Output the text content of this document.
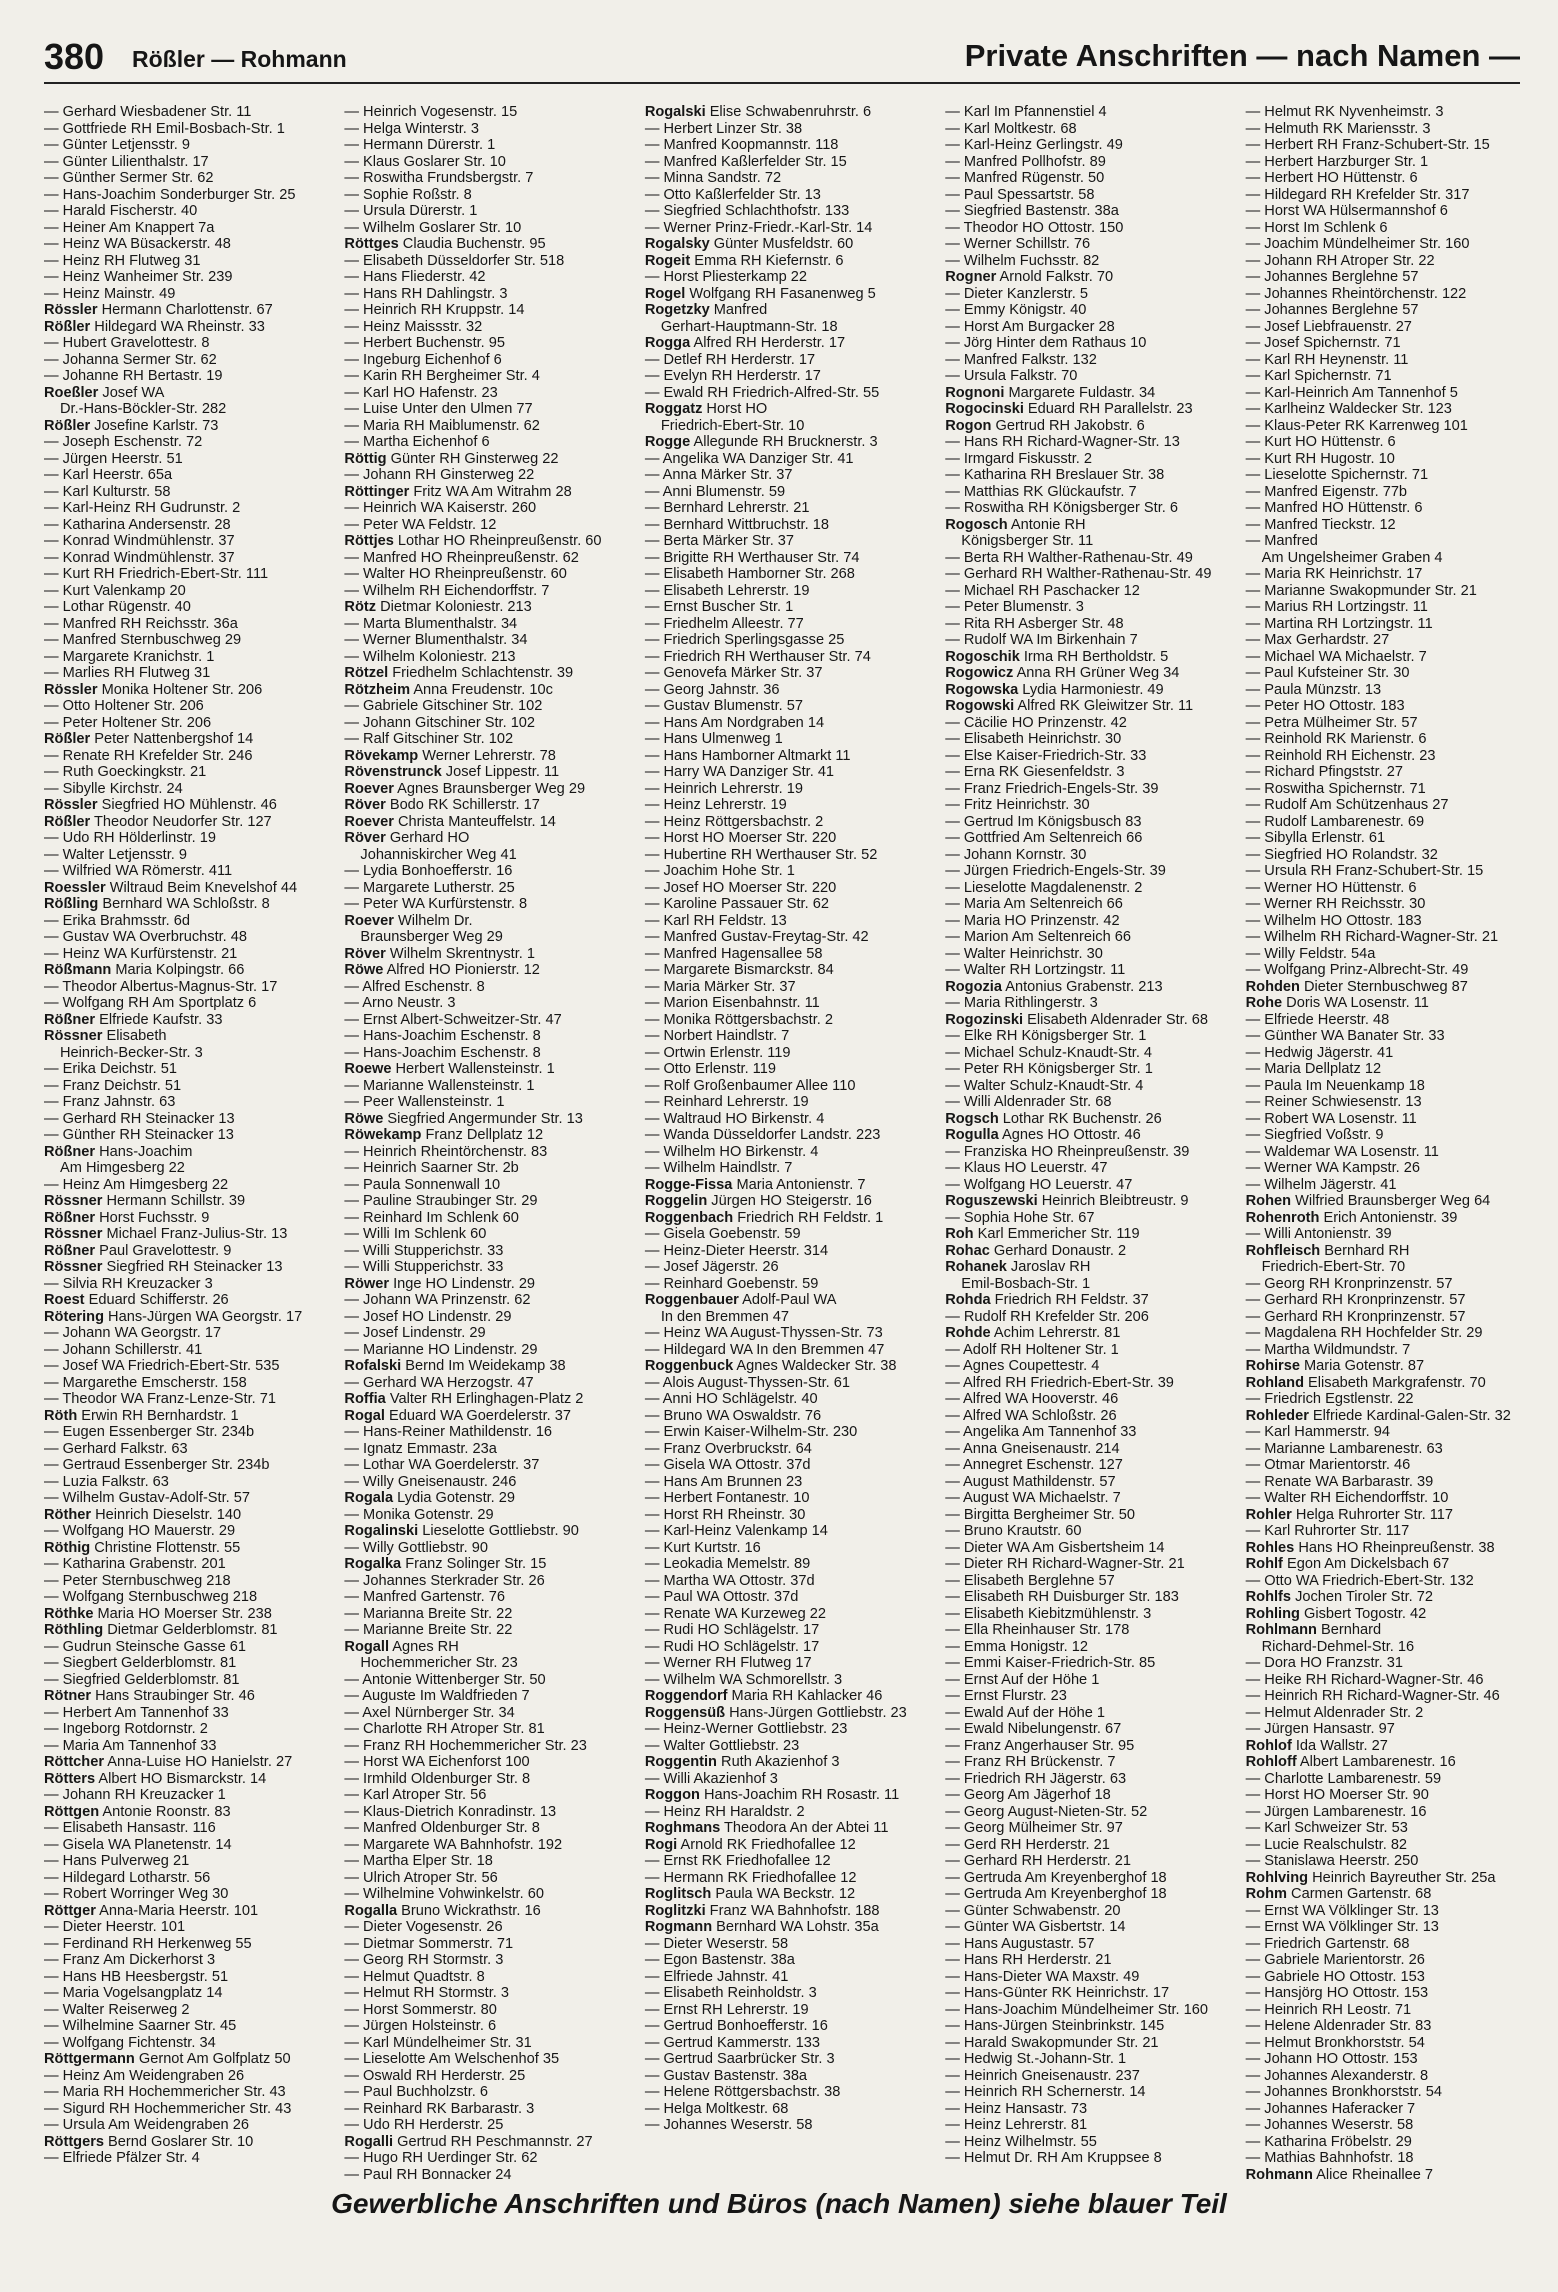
380 Rößler — Rohmann	Private Anschriften — nach Namen —
— Gerhard Wiesbadener Str. 11
— Gottfriede RH Emil-Bosbach-Str. 1
— Günter Letjensstr. 9
— Günter Lilienthalstr. 17
— Günther Sermer Str. 62
— Hans-Joachim Sonderburger Str. 25
— Harald Fischerstr. 40
— Heiner Am Knappert 7a
— Heinz WA Büsackerstr. 48
— Heinz RH Flutweg 31
— Heinz Wanheimer Str. 239
— Heinz Mainstr. 49
Rössler Hermann Charlottenstr. 67
Rößler Hildegard WA Rheinstr. 33
— Hubert Gravelottestr. 8
— Johanna Sermer Str. 62
— Johanne RH Bertastr. 19
Roeßler Josef WA
Dr.-Hans-Böckler-Str. 282
Rößler Josefine Karlstr. 73
— Joseph Eschenstr. 72
— Jürgen Heerstr. 51
— Karl Heerstr. 65a
— Karl Kulturstr. 58
— Karl-Heinz RH Gudrunstr. 2
— Katharina Andersenstr. 28
— Konrad Windmühlenstr. 37
— Konrad Windmühlenstr. 37
— Kurt RH Friedrich-Ebert-Str. 111
— Kurt Valenkamp 20
— Lothar Rügenstr. 40
— Manfred RH Reichsstr. 36a
— Manfred Sternbuschweg 29
— Margarete Kranichstr. 1
— Marlies RH Flutweg 31
Rössler Monika Holtener Str. 206
— Otto Holtener Str. 206
— Peter Holtener Str. 206
Rößler Peter Nattenbergshof 14
— Renate RH Krefelder Str. 246
— Ruth Goeckingkstr. 21
— Sibylle Kirchstr. 24
Rössler Siegfried HO Mühlenstr. 46
Rößler Theodor Neudorfer Str. 127
— Udo RH Hölderlinstr. 19
— Walter Letjensstr. 9
— Wilfried WA Römerstr. 411
Roessler Wiltraud Beim Knevelshof 44
Rößling Bernhard WA Schloßstr. 8
— Erika Brahmsstr. 6d
— Gustav WA Overbruchstr. 48
— Heinz WA Kurfürstenstr. 21
Rößmann Maria Kolpingstr. 66
— Theodor Albertus-Magnus-Str. 17
— Wolfgang RH Am Sportplatz 6
Rößner Elfriede Kaufstr. 33
Rössner Elisabeth
Heinrich-Becker-Str. 3
— Erika Deichstr. 51
— Franz Deichstr. 51
— Franz Jahnstr. 63
— Gerhard RH Steinacker 13
— Günther RH Steinacker 13
Rößner Hans-Joachim
Am Himgesberg 22
— Heinz Am Himgesberg 22
Rössner Hermann Schillstr. 39
Rößner Horst Fuchsstr. 9
Rössner Michael Franz-Julius-Str. 13
Rößner Paul Gravelottestr. 9
Rössner Siegfried RH Steinacker 13
— Silvia RH Kreuzacker 3
Roest Eduard Schifferstr. 26
Rötering Hans-Jürgen WA Georgstr. 17
— Johann WA Georgstr. 17
— Johann Schillerstr. 41
— Josef WA Friedrich-Ebert-Str. 535
— Margarethe Emscherstr. 158
— Theodor WA Franz-Lenze-Str. 71
Röth Erwin RH Bernhardstr. 1
— Eugen Essenberger Str. 234b
— Gerhard Falkstr. 63
— Gertraud Essenberger Str. 234b
— Luzia Falkstr. 63
— Wilhelm Gustav-Adolf-Str. 57
Röther Heinrich Dieselstr. 140
— Wolfgang HO Mauerstr. 29
Röthig Christine Flottenstr. 55
— Katharina Grabenstr. 201
— Peter Sternbuschweg 218
— Wolfgang Sternbuschweg 218
Röthke Maria HO Moerser Str. 238
Röthling Dietmar Gelderblomstr. 81
— Gudrun Steinsche Gasse 61
— Siegbert Gelderblomstr. 81
— Siegfried Gelderblomstr. 81
Rötner Hans Straubinger Str. 46
— Herbert Am Tannenhof 33
— Ingeborg Rotdornstr. 2
— Maria Am Tannenhof 33
Röttcher Anna-Luise HO Hanielstr. 27
Rötters Albert HO Bismarckstr. 14
— Johann RH Kreuzacker 1
Röttgen Antonie Roonstr. 83
— Elisabeth Hansastr. 116
— Gisela WA Planetenstr. 14
— Hans Pulverweg 21
— Hildegard Lotharstr. 56
— Robert Worringer Weg 30
Röttger Anna-Maria Heerstr. 101
— Dieter Heerstr. 101
— Ferdinand RH Herkenweg 55
— Franz Am Dickerhorst 3
— Hans HB Heesbergstr. 51
— Maria Vogelsangplatz 14
— Walter Reiserweg 2
— Wilhelmine Saarner Str. 45
— Wolfgang Fichtenstr. 34
Röttgermann Gernot Am Golfplatz 50
— Heinz Am Weidengraben 26
— Maria RH Hochemmericher Str. 43
— Sigurd RH Hochemmericher Str. 43
— Ursula Am Weidengraben 26
Röttgers Bernd Goslarer Str. 10
— Elfriede Pfälzer Str. 4
— Heinrich Vogesenstr. 15
— Helga Winterstr. 3
— Hermann Dürerstr. 1
— Klaus Goslarer Str. 10
— Roswitha Frundsbergstr. 7
— Sophie Roßstr. 8
— Ursula Dürerstr. 1
— Wilhelm Goslarer Str. 10
Röttges Claudia Buchenstr. 95
— Elisabeth Düsseldorfer Str. 518
— Hans Fliederstr. 42
— Hans RH Dahlingstr. 3
— Heinrich RH Kruppstr. 14
— Heinz Maissstr. 32
— Herbert Buchenstr. 95
— Ingeburg Eichenhof 6
— Karin RH Bergheimer Str. 4
— Karl HO Hafenstr. 23
— Luise Unter den Ulmen 77
— Maria RH Maiblumenstr. 62
— Martha Eichenhof 6
Röttig Günter RH Ginsterweg 22
— Johann RH Ginsterweg 22
Röttinger Fritz WA Am Witrahm 28
— Heinrich WA Kaiserstr. 260
— Peter WA Feldstr. 12
Röttjes Lothar HO Rheinpreußenstr. 60
— Manfred HO Rheinpreußenstr. 62
— Walter HO Rheinpreußenstr. 60
— Wilhelm RH Eichendorffstr. 7
Rötz Dietmar Koloniestr. 213
— Marta Blumenthalstr. 34
— Werner Blumenthalstr. 34
— Wilhelm Koloniestr. 213
Rötzel Friedhelm Schlachtenstr. 39
Rötzheim Anna Freudenstr. 10c
— Gabriele Gitschiner Str. 102
— Johann Gitschiner Str. 102
— Ralf Gitschiner Str. 102
Rövekamp Werner Lehrerstr. 78
Rövenstrunck Josef Lippestr. 11
Roever Agnes Braunsberger Weg 29
Röver Bodo RK Schillerstr. 17
Roever Christa Manteuffelstr. 14
Röver Gerhard HO
Johanniskircher Weg 41
— Lydia Bonhoefferstr. 16
— Margarete Lutherstr. 25
— Peter WA Kurfürstenstr. 8
Roever Wilhelm Dr.
Braunsberger Weg 29
Röver Wilhelm Skrentnystr. 1
Röwe Alfred HO Pionierstr. 12
— Alfred Eschenstr. 8
— Arno Neustr. 3
— Ernst Albert-Schweitzer-Str. 47
— Hans-Joachim Eschenstr. 8
— Hans-Joachim Eschenstr. 8
Roewe Herbert Wallensteinstr. 1
— Marianne Wallensteinstr. 1
— Peer Wallensteinstr. 1
Röwe Siegfried Angermunder Str. 13
Röwekamp Franz Dellplatz 12
— Heinrich Rheintörchenstr. 83
— Heinrich Saarner Str. 2b
— Paula Sonnenwall 10
— Pauline Straubinger Str. 29
— Reinhard Im Schlenk 60
— Willi Im Schlenk 60
— Willi Stupperichstr. 33
— Willi Stupperichstr. 33
Röwer Inge HO Lindenstr. 29
— Johann WA Prinzenstr. 62
— Josef HO Lindenstr. 29
— Josef Lindenstr. 29
— Marianne HO Lindenstr. 29
Rofalski Bernd Im Weidekamp 38
— Gerhard WA Herzogstr. 47
Roffia Valter RH Erlinghagen-Platz 2
Rogal Eduard WA Goerdelerstr. 37
— Hans-Reiner Mathildenstr. 16
— Ignatz Emmastr. 23a
— Lothar WA Goerdelerstr. 37
— Willy Gneisenaustr. 246
Rogala Lydia Gotenstr. 29
— Monika Gotenstr. 29
Rogalinski Lieselotte Gottliebstr. 90
— Willy Gottliebstr. 90
Rogalka Franz Solinger Str. 15
— Johannes Sterkrader Str. 26
— Manfred Gartenstr. 76
— Marianna Breite Str. 22
— Marianne Breite Str. 22
Rogall Agnes RH
Hochemmericher Str. 23
— Antonie Wittenberger Str. 50
— Auguste Im Waldfrieden 7
— Axel Nürnberger Str. 34
— Charlotte RH Atroper Str. 81
— Franz RH Hochemmericher Str. 23
— Horst WA Eichenforst 100
— Irmhild Oldenburger Str. 8
— Karl Atroper Str. 56
— Klaus-Dietrich Konradinstr. 13
— Manfred Oldenburger Str. 8
— Margarete WA Bahnhofstr. 192
— Martha Elper Str. 18
— Ulrich Atroper Str. 56
— Wilhelmine Vohwinkelstr. 60
Rogalla Bruno Wickrathstr. 16
— Dieter Vogesenstr. 26
— Dietmar Sommerstr. 71
— Georg RH Stormstr. 3
— Helmut Quadtstr. 8
— Helmut RH Stormstr. 3
— Horst Sommerstr. 80
— Jürgen Holsteinstr. 6
— Karl Mündelheimer Str. 31
— Lieselotte Am Welschenhof 35
— Oswald RH Herderstr. 25
— Paul Buchholzstr. 6
— Reinhard RK Barbarastr. 3
— Udo RH Herderstr. 25
Rogalli Gertrud RH Peschmannstr. 27
— Hugo RH Uerdinger Str. 62
— Paul RH Bonnacker 24
Rogalski Elise Schwabenruhrstr. 6
— Herbert Linzer Str. 38
— Manfred Koopmannstr. 118
— Manfred Kaßlerfelder Str. 15
— Minna Sandstr. 72
— Otto Kaßlerfelder Str. 13
— Siegfried Schlachthofstr. 133
— Werner Prinz-Friedr.-Karl-Str. 14
Rogalsky Günter Musfeldstr. 60
Rogeit Emma RH Kiefernstr. 6
— Horst Pliesterkamp 22
Rogel Wolfgang RH Fasanenweg 5
Rogetzky Manfred
Gerhart-Hauptmann-Str. 18
Rogga Alfred RH Herderstr. 17
— Detlef RH Herderstr. 17
— Evelyn RH Herderstr. 17
— Ewald RH Friedrich-Alfred-Str. 55
Roggatz Horst HO
Friedrich-Ebert-Str. 10
Rogge Allegunde RH Brucknerstr. 3
— Angelika WA Danziger Str. 41
— Anna Märker Str. 37
— Anni Blumenstr. 59
— Bernhard Lehrerstr. 21
— Bernhard Wittbruchstr. 18
— Berta Märker Str. 37
— Brigitte RH Werthauser Str. 74
— Elisabeth Hamborner Str. 268
— Elisabeth Lehrerstr. 19
— Ernst Buscher Str. 1
— Friedhelm Alleestr. 77
— Friedrich Sperlingsgasse 25
— Friedrich RH Werthauser Str. 74
— Genovefa Märker Str. 37
— Georg Jahnstr. 36
— Gustav Blumenstr. 57
— Hans Am Nordgraben 14
— Hans Ulmenweg 1
— Hans Hamborner Altmarkt 11
— Harry WA Danziger Str. 41
— Heinrich Lehrerstr. 19
— Heinz Lehrerstr. 19
— Heinz Röttgersbachstr. 2
— Horst HO Moerser Str. 220
— Hubertine RH Werthauser Str. 52
— Joachim Hohe Str. 1
— Josef HO Moerser Str. 220
— Karoline Passauer Str. 62
— Karl RH Feldstr. 13
— Manfred Gustav-Freytag-Str. 42
— Manfred Hagensallee 58
— Margarete Bismarckstr. 84
— Maria Märker Str. 37
— Marion Eisenbahnstr. 11
— Monika Röttgersbachstr. 2
— Norbert Haindlstr. 7
— Ortwin Erlenstr. 119
— Otto Erlenstr. 119
— Rolf Großenbaumer Allee 110
— Reinhard Lehrerstr. 19
— Waltraud HO Birkenstr. 4
— Wanda Düsseldorfer Landstr. 223
— Wilhelm HO Birkenstr. 4
— Wilhelm Haindlstr. 7
Rogge-Fissa Maria Antonienstr. 7
Roggelin Jürgen HO Steigerstr. 16
Roggenbach Friedrich RH Feldstr. 1
— Gisela Goebenstr. 59
— Heinz-Dieter Heerstr. 314
— Josef Jägerstr. 26
— Reinhard Goebenstr. 59
Roggenbauer Adolf-Paul WA
In den Bremmen 47
— Heinz WA August-Thyssen-Str. 73
— Hildegard WA In den Bremmen 47
Roggenbuck Agnes Waldecker Str. 38
— Alois August-Thyssen-Str. 61
— Anni HO Schlägelstr. 40
— Bruno WA Oswaldstr. 76
— Erwin Kaiser-Wilhelm-Str. 230
— Franz Overbruckstr. 64
— Gisela WA Ottostr. 37d
— Hans Am Brunnen 23
— Herbert Fontanestr. 10
— Horst RH Rheinstr. 30
— Karl-Heinz Valenkamp 14
— Kurt Kurtstr. 16
— Leokadia Memelstr. 89
— Martha WA Ottostr. 37d
— Paul WA Ottostr. 37d
— Renate WA Kurzeweg 22
— Rudi HO Schlägelstr. 17
— Rudi HO Schlägelstr. 17
— Werner RH Flutweg 17
— Wilhelm WA Schmorellstr. 3
Roggendorf Maria RH Kahlacker 46
Roggensüß Hans-Jürgen Gottliebstr. 23
— Heinz-Werner Gottliebstr. 23
— Walter Gottliebstr. 23
Roggentin Ruth Akazienhof 3
— Willi Akazienhof 3
Roggon Hans-Joachim RH Rosastr. 11
— Heinz RH Haraldstr. 2
Roghmans Theodora An der Abtei 11
Rogi Arnold RK Friedhofallee 12
— Ernst RK Friedhofallee 12
— Hermann RK Friedhofallee 12
Roglitsch Paula WA Beckstr. 12
Roglitzki Franz WA Bahnhofstr. 188
Rogmann Bernhard WA Lohstr. 35a
— Dieter Weserstr. 58
— Egon Bastenstr. 38a
— Elfriede Jahnstr. 41
— Elisabeth Reinholdstr. 3
— Ernst RH Lehrerstr. 19
— Gertrud Bonhoefferstr. 16
— Gertrud Kammerstr. 133
— Gertrud Saarbrücker Str. 3
— Gustav Bastenstr. 38a
— Helene Röttgersbachstr. 38
— Helga Moltkestr. 68
— Johannes Weserstr. 58
— Karl Im Pfannenstiel 4
— Karl Moltkestr. 68
— Karl-Heinz Gerlingstr. 49
— Manfred Pollhofstr. 89
— Manfred Rügenstr. 50
— Paul Spessartstr. 58
— Siegfried Bastenstr. 38a
— Theodor HO Ottostr. 150
— Werner Schillstr. 76
— Wilhelm Fuchsstr. 82
Rogner Arnold Falkstr. 70
— Dieter Kanzlerstr. 5
— Emmy Königstr. 40
— Horst Am Burgacker 28
— Jörg Hinter dem Rathaus 10
— Manfred Falkstr. 132
— Ursula Falkstr. 70
Rognoni Margarete Fuldastr. 34
Rogocinski Eduard RH Parallelstr. 23
Rogon Gertrud RH Jakobstr. 6
— Hans RH Richard-Wagner-Str. 13
— Irmgard Fiskusstr. 2
— Katharina RH Breslauer Str. 38
— Matthias RK Glückaufstr. 7
— Roswitha RH Königsberger Str. 6
Rogosch Antonie RH
Königsberger Str. 11
— Berta RH Walther-Rathenau-Str. 49
— Gerhard RH Walther-Rathenau-Str. 49
— Michael RH Paschacker 12
— Peter Blumenstr. 3
— Rita RH Asberger Str. 48
— Rudolf WA Im Birkenhain 7
Rogoschik Irma RH Bertholdstr. 5
Rogowicz Anna RH Grüner Weg 34
Rogowska Lydia Harmoniestr. 49
Rogowski Alfred RK Gleiwitzer Str. 11
— Cäcilie HO Prinzenstr. 42
— Elisabeth Heinrichstr. 30
— Else Kaiser-Friedrich-Str. 33
— Erna RK Giesenfeldstr. 3
— Franz Friedrich-Engels-Str. 39
— Fritz Heinrichstr. 30
— Gertrud Im Königsbusch 83
— Gottfried Am Seltenreich 66
— Johann Kornstr. 30
— Jürgen Friedrich-Engels-Str. 39
— Lieselotte Magdalenenstr. 2
— Maria Am Seltenreich 66
— Maria HO Prinzenstr. 42
— Marion Am Seltenreich 66
— Walter Heinrichstr. 30
— Walter RH Lortzingstr. 11
Rogozia Antonius Grabenstr. 213
— Maria Rithlingerstr. 3
Rogozinski Elisabeth Aldenrader Str. 68
— Elke RH Königsberger Str. 1
— Michael Schulz-Knaudt-Str. 4
— Peter RH Königsberger Str. 1
— Walter Schulz-Knaudt-Str. 4
— Willi Aldenrader Str. 68
Rogsch Lothar RK Buchenstr. 26
Rogulla Agnes HO Ottostr. 46
— Franziska HO Rheinpreußenstr. 39
— Klaus HO Leuerstr. 47
— Wolfgang HO Leuerstr. 47
Roguszewski Heinrich Bleibtreustr. 9
— Sophia Hohe Str. 67
Roh Karl Emmericher Str. 119
Rohac Gerhard Donaustr. 2
Rohanek Jaroslav RH
Emil-Bosbach-Str. 1
Rohda Friedrich RH Feldstr. 37
— Rudolf RH Krefelder Str. 206
Rohde Achim Lehrerstr. 81
— Adolf RH Holtener Str. 1
— Agnes Coupettestr. 4
— Alfred RH Friedrich-Ebert-Str. 39
— Alfred WA Hooverstr. 46
— Alfred WA Schloßstr. 26
— Angelika Am Tannenhof 33
— Anna Gneisenaustr. 214
— Annegret Eschenstr. 127
— August Mathildenstr. 57
— August WA Michaelstr. 7
— Birgitta Bergheimer Str. 50
— Bruno Krautstr. 60
— Dieter WA Am Gisbertsheim 14
— Dieter RH Richard-Wagner-Str. 21
— Elisabeth Berglehne 57
— Elisabeth RH Duisburger Str. 183
— Elisabeth Kiebitzmühlenstr. 3
— Ella Rheinhauser Str. 178
— Emma Honigstr. 12
— Emmi Kaiser-Friedrich-Str. 85
— Ernst Auf der Höhe 1
— Ernst Flurstr. 23
— Ewald Auf der Höhe 1
— Ewald Nibelungenstr. 67
— Franz Angerhauser Str. 95
— Franz RH Brückenstr. 7
— Friedrich RH Jägerstr. 63
— Georg Am Jägerhof 18
— Georg August-Nieten-Str. 52
— Georg Mülheimer Str. 97
— Gerd RH Herderstr. 21
— Gerhard RH Herderstr. 21
— Gertruda Am Kreyenberghof 18
— Gertruda Am Kreyenberghof 18
— Günter Schwabenstr. 20
— Günter WA Gisbertstr. 14
— Hans Augustastr. 57
— Hans RH Herderstr. 21
— Hans-Dieter WA Maxstr. 49
— Hans-Günter RK Heinrichstr. 17
— Hans-Joachim Mündelheimer Str. 160
— Hans-Jürgen Steinbrinkstr. 145
— Harald Swakopmunder Str. 21
— Hedwig St.-Johann-Str. 1
— Heinrich Gneisenaustr. 237
— Heinrich RH Schernerstr. 14
— Heinz Hansastr. 73
— Heinz Lehrerstr. 81
— Heinz Wilhelmstr. 55
— Helmut Dr. RH Am Kruppsee 8
— Helmut RK Nyvenheimstr. 3
— Helmuth RK Mariensstr. 3
— Herbert RH Franz-Schubert-Str. 15
— Herbert Harzburger Str. 1
— Herbert HO Hüttenstr. 6
— Hildegard RH Krefelder Str. 317
— Horst WA Hülsermannshof 6
— Horst Im Schlenk 6
— Joachim Mündelheimer Str. 160
— Johann RH Atroper Str. 22
— Johannes Berglehne 57
— Johannes Rheintörchenstr. 122
— Johannes Berglehne 57
— Josef Liebfrauenstr. 27
— Josef Spichernstr. 71
— Karl RH Heynenstr. 11
— Karl Spichernstr. 71
— Karl-Heinrich Am Tannenhof 5
— Karlheinz Waldecker Str. 123
— Klaus-Peter RK Karrenweg 101
— Kurt HO Hüttenstr. 6
— Kurt RH Hugostr. 10
— Lieselotte Spichernstr. 71
— Manfred Eigenstr. 77b
— Manfred HO Hüttenstr. 6
— Manfred Tieckstr. 12
— Manfred
Am Ungelsheimer Graben 4
— Maria RK Heinrichstr. 17
— Marianne Swakopmunder Str. 21
— Marius RH Lortzingstr. 11
— Martina RH Lortzingstr. 11
— Max Gerhardstr. 27
— Michael WA Michaelstr. 7
— Paul Kufsteiner Str. 30
— Paula Münzstr. 13
— Peter HO Ottostr. 183
— Petra Mülheimer Str. 57
— Reinhold RK Marienstr. 6
— Reinhold RH Eichenstr. 23
— Richard Pfingststr. 27
— Roswitha Spichernstr. 71
— Rudolf Am Schützenhaus 27
— Rudolf Lambarenestr. 69
— Sibylla Erlenstr. 61
— Siegfried HO Rolandstr. 32
— Ursula RH Franz-Schubert-Str. 15
— Werner HO Hüttenstr. 6
— Werner RH Reichsstr. 30
— Wilhelm HO Ottostr. 183
— Wilhelm RH Richard-Wagner-Str. 21
— Willy Feldstr. 54a
— Wolfgang Prinz-Albrecht-Str. 49
Rohden Dieter Sternbuschweg 87
Rohe Doris WA Losenstr. 11
— Elfriede Heerstr. 48
— Günther WA Banater Str. 33
— Hedwig Jägerstr. 41
— Maria Dellplatz 12
— Paula Im Neuenkamp 18
— Reiner Schwiesenstr. 13
— Robert WA Losenstr. 11
— Siegfried Voßstr. 9
— Waldemar WA Losenstr. 11
— Werner WA Kampstr. 26
— Wilhelm Jägerstr. 41
Rohen Wilfried Braunsberger Weg 64
Rohenroth Erich Antonienstr. 39
— Willi Antonienstr. 39
Rohfleisch Bernhard RH
Friedrich-Ebert-Str. 70
— Georg RH Kronprinzenstr. 57
— Gerhard RH Kronprinzenstr. 57
— Gerhard RH Kronprinzenstr. 57
— Magdalena RH Hochfelder Str. 29
— Martha Wildmundstr. 7
Rohirse Maria Gotenstr. 87
Rohland Elisabeth Markgrafenstr. 70
— Friedrich Egstlenstr. 22
Rohleder Elfriede Kardinal-Galen-Str. 32
— Karl Hammerstr. 94
— Marianne Lambarenestr. 63
— Otmar Marientorstr. 46
— Renate WA Barbarastr. 39
— Walter RH Eichendorffstr. 10
Rohler Helga Ruhrorter Str. 117
— Karl Ruhrorter Str. 117
Rohles Hans HO Rheinpreußenstr. 38
Rohlf Egon Am Dickelsbach 67
— Otto WA Friedrich-Ebert-Str. 132
Rohlfs Jochen Tiroler Str. 72
Rohling Gisbert Togostr. 42
Rohlmann Bernhard
Richard-Dehmel-Str. 16
— Dora HO Franzstr. 31
— Heike RH Richard-Wagner-Str. 46
— Heinrich RH Richard-Wagner-Str. 46
— Helmut Aldenrader Str. 2
— Jürgen Hansastr. 97
Rohlof Ida Wallstr. 27
Rohloff Albert Lambarenestr. 16
— Charlotte Lambarenestr. 59
— Horst HO Moerser Str. 90
— Jürgen Lambarenestr. 16
— Karl Schweizer Str. 53
— Lucie Realschulstr. 82
— Stanislawa Heerstr. 250
Rohlving Heinrich Bayreuther Str. 25a
Rohm Carmen Gartenstr. 68
— Ernst WA Völklinger Str. 13
— Ernst WA Völklinger Str. 13
— Friedrich Gartenstr. 68
— Gabriele Marientorstr. 26
— Gabriele HO Ottostr. 153
— Hansjörg HO Ottostr. 153
— Heinrich RH Leostr. 71
— Helene Aldenrader Str. 83
— Helmut Bronkhorststr. 54
— Johann HO Ottostr. 153
— Johannes Alexanderstr. 8
— Johannes Bronkhorststr. 54
— Johannes Haferacker 7
— Johannes Weserstr. 58
— Katharina Fröbelstr. 29
— Mathias Bahnhofstr. 18
Rohmann Alice Rheinallee 7
Gewerbliche Anschriften und Büros (nach Namen) siehe blauer Teil
